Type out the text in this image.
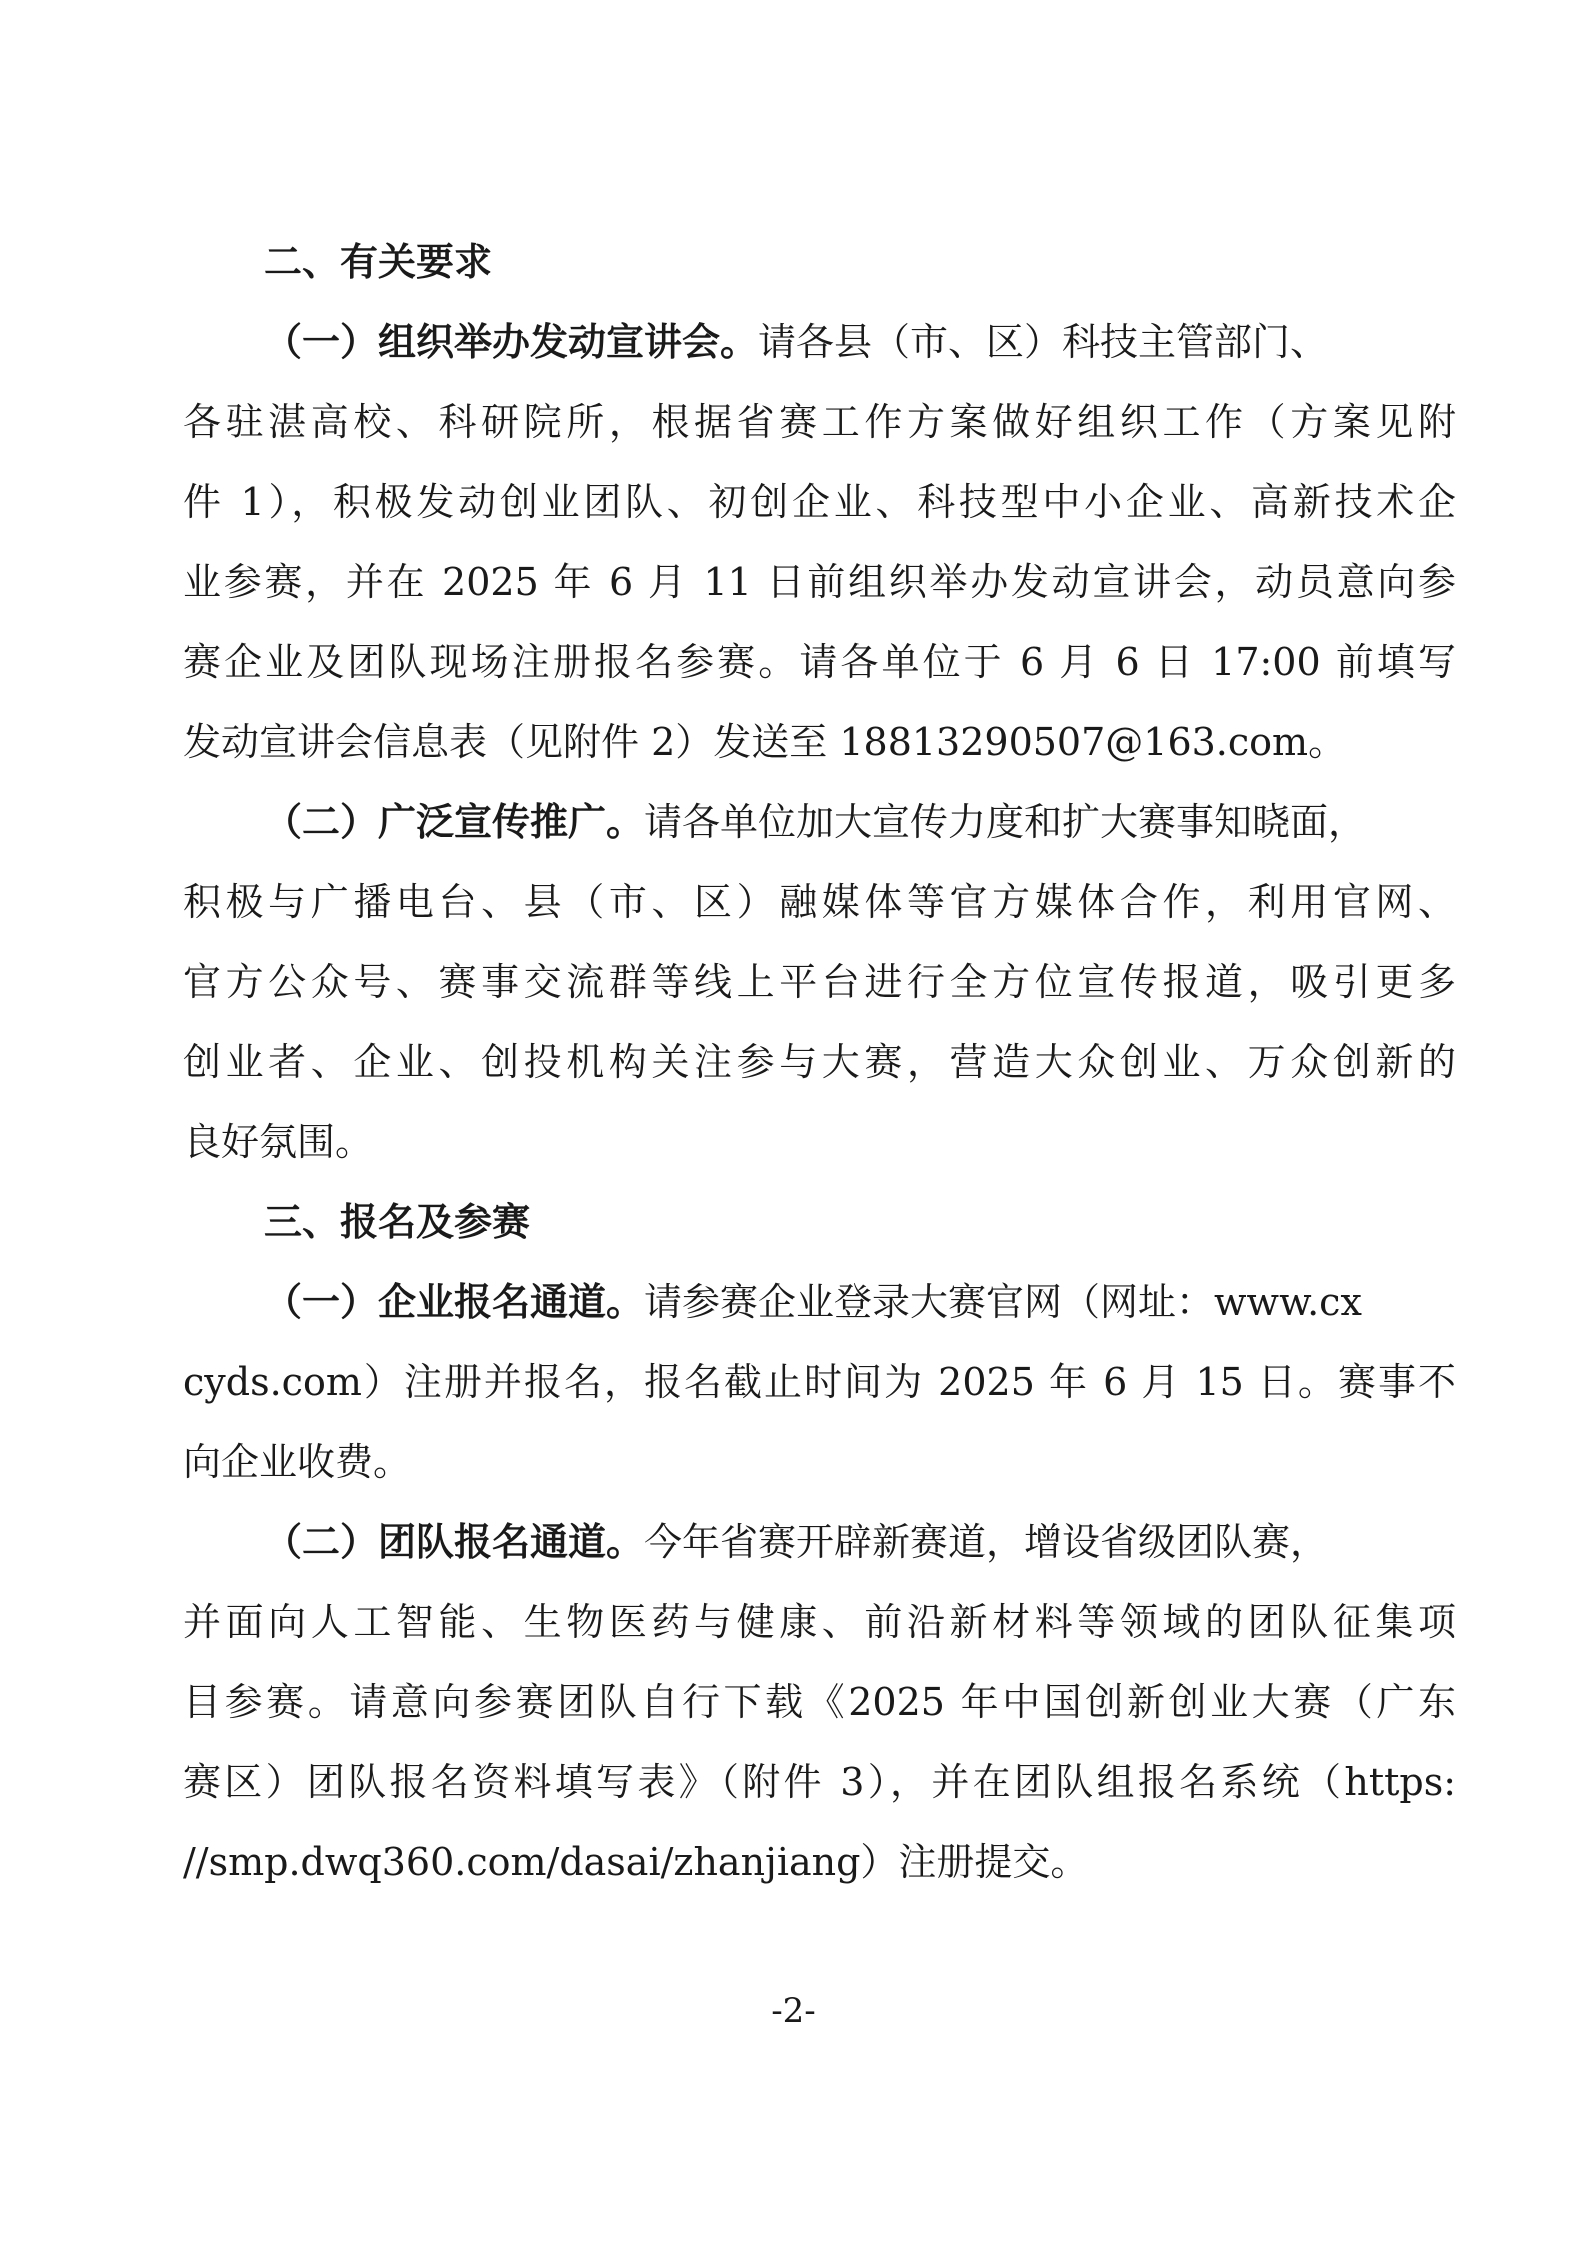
二、有关要求
（一）组织举办发动宣讲会。请各县（市、区）科技主管部门、
各驻湛高校、科研院所，根据省赛工作方案做好组织工作（方案见附
件 1），积极发动创业团队、初创企业、科技型中小企业、高新技术企
业参赛，并在 2025 年 6 月 11 日前组织举办发动宣讲会，动员意向参
赛企业及团队现场注册报名参赛。请各单位于 6 月 6 日 17:00 前填写
发动宣讲会信息表（见附件 2）发送至 18813290507@163.com。
（二）广泛宣传推广。请各单位加大宣传力度和扩大赛事知晓面，
积极与广播电台、县（市、区）融媒体等官方媒体合作，利用官网、
官方公众号、赛事交流群等线上平台进行全方位宣传报道，吸引更多
创业者、企业、创投机构关注参与大赛，营造大众创业、万众创新的
良好氛围。
三、报名及参赛
（一）企业报名通道。请参赛企业登录大赛官网（网址：www.cx
cyds.com）注册并报名，报名截止时间为 2025 年 6 月 15 日。赛事不
向企业收费。
（二）团队报名通道。今年省赛开辟新赛道，增设省级团队赛，
并面向人工智能、生物医药与健康、前沿新材料等领域的团队征集项
目参赛。请意向参赛团队自行下载《2025 年中国创新创业大赛（广东
赛区）团队报名资料填写表》（附件 3），并在团队组报名系统（https:
//smp.dwq360.com/dasai/zhanjiang）注册提交。
-2-
